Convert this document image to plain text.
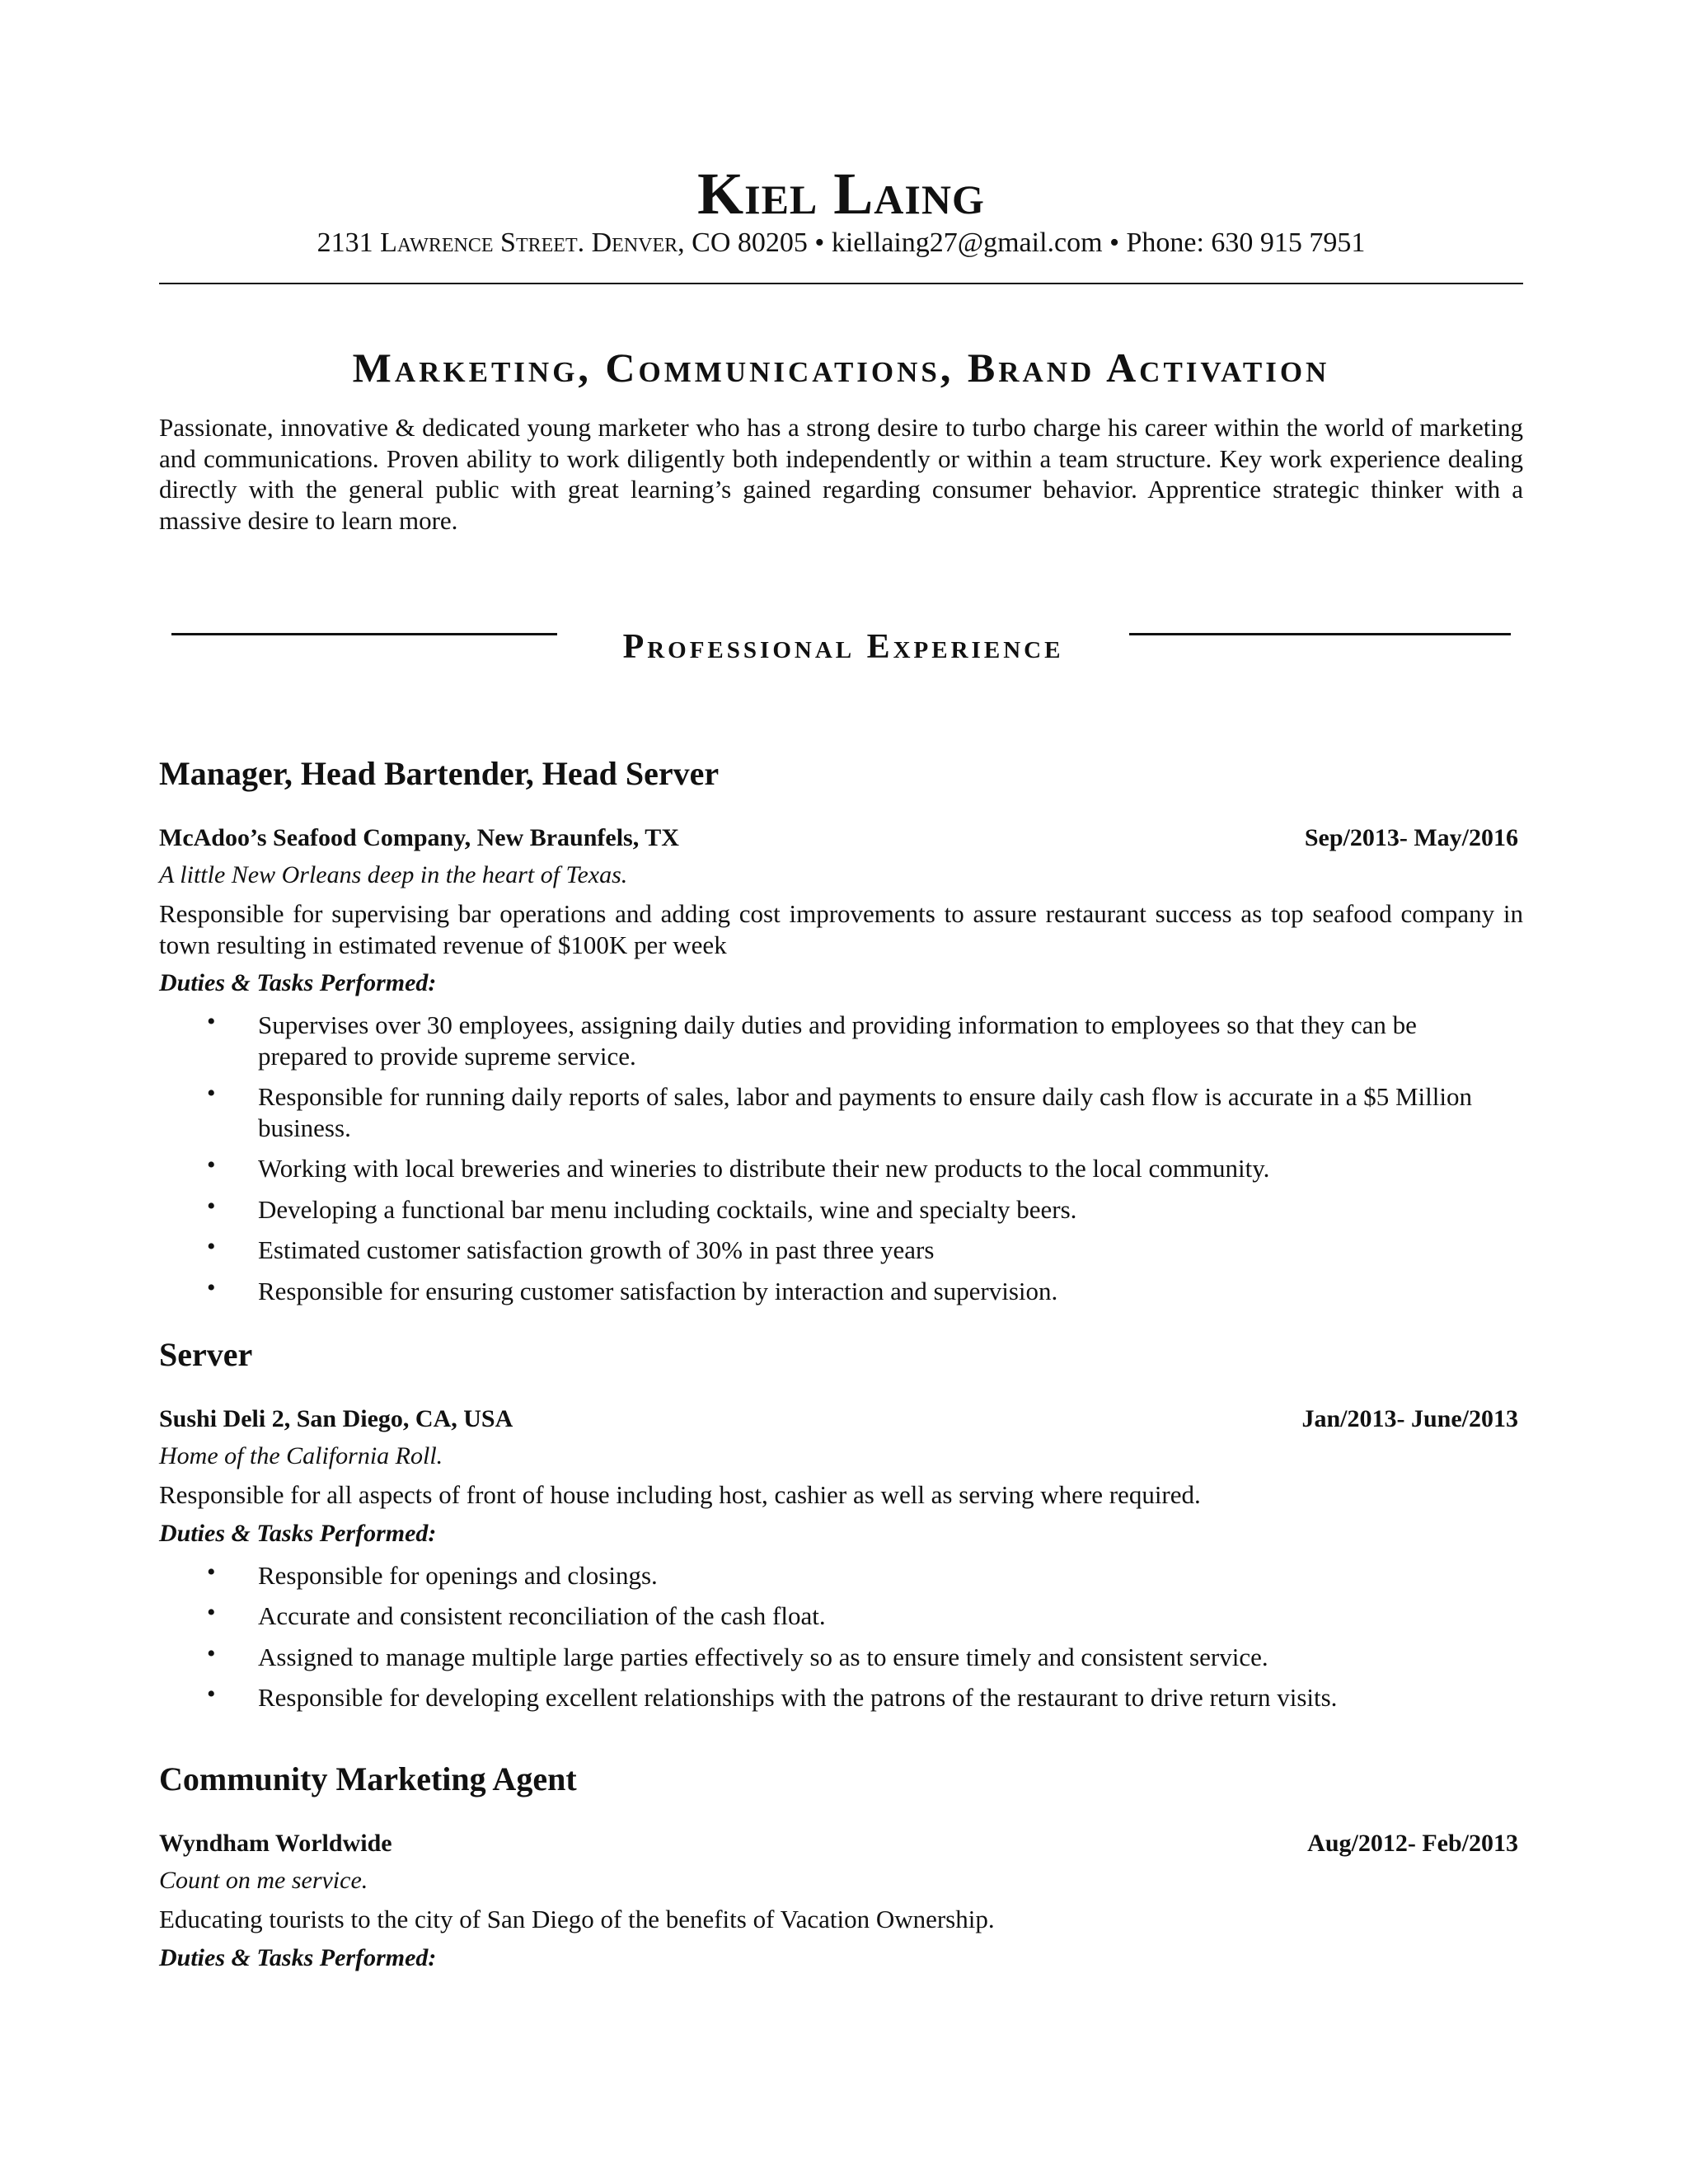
Kiel Laing
2131 Lawrence Street. Denver, CO 80205 • kiellaing27@gmail.com • Phone: 630 915 7951
Marketing, Communications, Brand Activation
Passionate, innovative & dedicated young marketer who has a strong desire to turbo charge his career within the world of marketing and communications. Proven ability to work diligently both independently or within a team structure. Key work experience dealing directly with the general public with great learning’s gained regarding consumer behavior. Apprentice strategic thinker with a massive desire to learn more.
Professional Experience
Manager, Head Bartender, Head Server
McAdoo’s Seafood Company, New Braunfels, TX	Sep/2013- May/2016
A little New Orleans deep in the heart of Texas.
Responsible for supervising bar operations and adding cost improvements to assure restaurant success as top seafood company in town resulting in estimated revenue of $100K per week
Duties & Tasks Performed:
• Supervises over 30 employees, assigning daily duties and providing information to employees so that they can be prepared to provide supreme service.
• Responsible for running daily reports of sales, labor and payments to ensure daily cash flow is accurate in a $5 Million business.
• Working with local breweries and wineries to distribute their new products to the local community.
• Developing a functional bar menu including cocktails, wine and specialty beers.
• Estimated customer satisfaction growth of 30% in past three years
• Responsible for ensuring customer satisfaction by interaction and supervision.
Server
Sushi Deli 2, San Diego, CA, USA	Jan/2013- June/2013
Home of the California Roll.
Responsible for all aspects of front of house including host, cashier as well as serving where required.
Duties & Tasks Performed:
• Responsible for openings and closings.
• Accurate and consistent reconciliation of the cash float.
• Assigned to manage multiple large parties effectively so as to ensure timely and consistent service.
• Responsible for developing excellent relationships with the patrons of the restaurant to drive return visits.
Community Marketing Agent
Wyndham Worldwide	Aug/2012- Feb/2013
Count on me service.
Educating tourists to the city of San Diego of the benefits of Vacation Ownership.
Duties & Tasks Performed:
